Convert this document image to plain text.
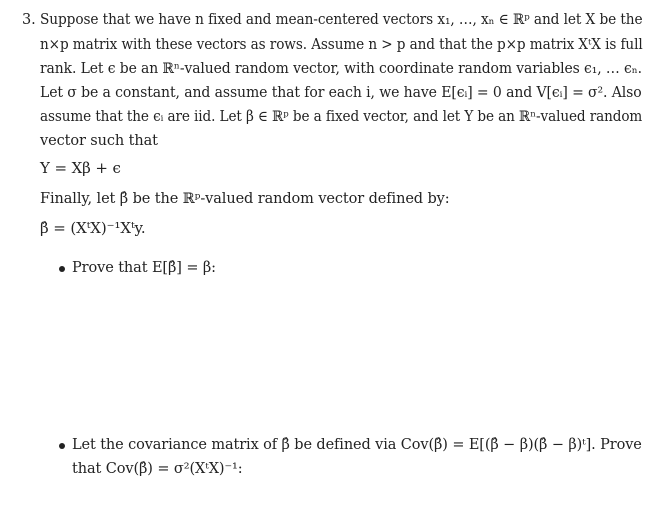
3. Suppose that we have n fixed and mean-centered vectors x₁, …, xₙ ∈ ℝᵖ and let X be the
n×p matrix with these vectors as rows. Assume n > p and that the p×p matrix XᵗX is full
rank. Let ϵ be an ℝⁿ-valued random vector, with coordinate random variables ϵ₁, … ϵₙ.
Let σ be a constant, and assume that for each i, we have E[ϵᵢ] = 0 and V[ϵᵢ] = σ². Also
assume that the ϵᵢ are iid. Let β ∈ ℝᵖ be a fixed vector, and let Y be an ℝⁿ-valued random
vector such that
Y = Xβ + ϵ
Finally, let β̂ be the ℝᵖ-valued random vector defined by:
β̂ = (XᵗX)⁻¹Xᵗy.
Prove that E[β̂] = β:
Let the covariance matrix of β̂ be defined via Cov(β̂) = E[(β̂ − β)(β̂ − β)ᵗ]. Prove
that Cov(β̂) = σ²(XᵗX)⁻¹:
